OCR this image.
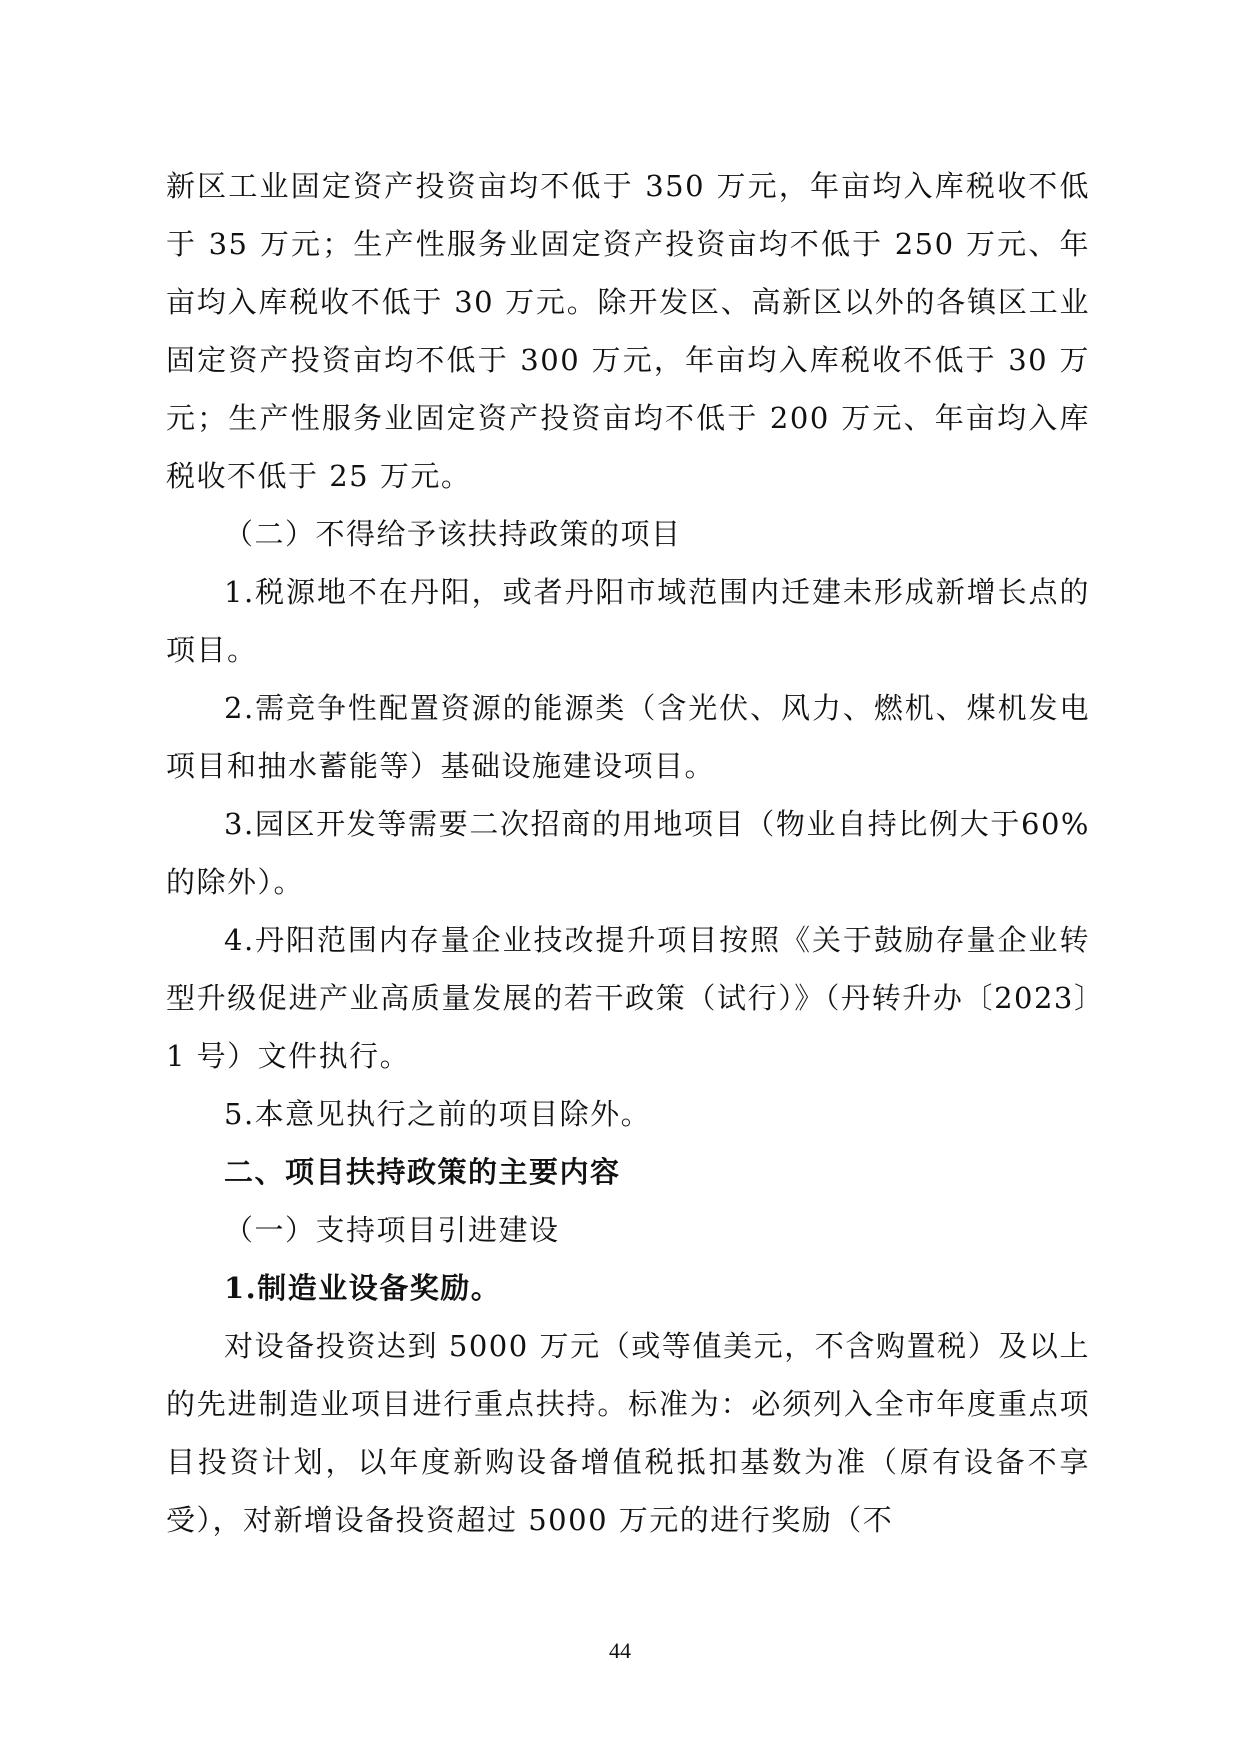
新区工业固定资产投资亩均不低于 350 万元，年亩均入库税收不低于 35 万元；生产性服务业固定资产投资亩均不低于 250 万元、年亩均入库税收不低于 30 万元。除开发区、高新区以外的各镇区工业固定资产投资亩均不低于 300 万元，年亩均入库税收不低于 30 万元；生产性服务业固定资产投资亩均不低于 200 万元、年亩均入库税收不低于 25 万元。

（二）不得给予该扶持政策的项目

1.税源地不在丹阳，或者丹阳市域范围内迁建未形成新增长点的项目。

2.需竞争性配置资源的能源类（含光伏、风力、燃机、煤机发电项目和抽水蓄能等）基础设施建设项目。

3.园区开发等需要二次招商的用地项目（物业自持比例大于60%的除外）。

4.丹阳范围内存量企业技改提升项目按照《关于鼓励存量企业转型升级促进产业高质量发展的若干政策（试行）》（丹转升办〔2023〕1 号）文件执行。

5.本意见执行之前的项目除外。

二、项目扶持政策的主要内容

（一）支持项目引进建设

1.制造业设备奖励。

对设备投资达到 5000 万元（或等值美元，不含购置税）及以上的先进制造业项目进行重点扶持。标准为：必须列入全市年度重点项目投资计划，以年度新购设备增值税抵扣基数为准（原有设备不享受），对新增设备投资超过 5000 万元的进行奖励（不

44
